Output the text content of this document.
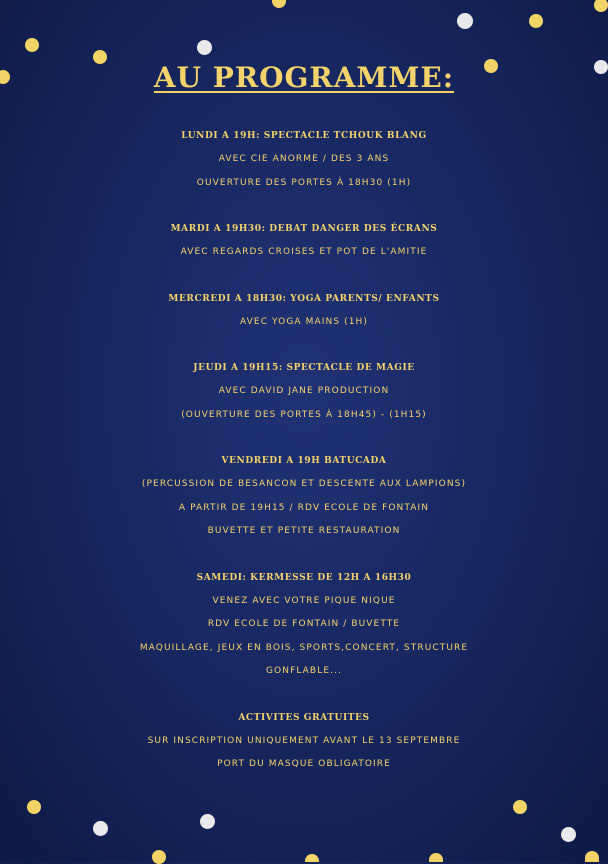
AU PROGRAMME:
LUNDI A 19H: SPECTACLE TCHOUK BLANG
AVEC CIE ANORME / DES 3 ANS
OUVERTURE DES PORTES À 18H30 (1H)
MARDI A 19H30: DEBAT DANGER DES ÉCRANS
AVEC REGARDS CROISES ET POT DE L'AMITIE
MERCREDI A 18H30: YOGA PARENTS/ ENFANTS
AVEC YOGA MAINS (1H)
JEUDI A 19H15: SPECTACLE DE MAGIE
AVEC DAVID JANE PRODUCTION
(OUVERTURE DES PORTES À 18H45) - (1H15)
VENDREDI A 19H BATUCADA
(PERCUSSION DE BESANCON ET DESCENTE AUX LAMPIONS)
A PARTIR DE 19H15 / RDV ECOLE DE FONTAIN
BUVETTE ET PETITE RESTAURATION
SAMEDI: KERMESSE DE 12H A 16H30
VENEZ AVEC VOTRE PIQUE NIQUE
RDV ECOLE DE FONTAIN / BUVETTE
MAQUILLAGE, JEUX EN BOIS, SPORTS,CONCERT, STRUCTURE
GONFLABLE...
ACTIVITES GRATUITES
SUR INSCRIPTION UNIQUEMENT AVANT LE 13 SEPTEMBRE
PORT DU MASQUE OBLIGATOIRE
